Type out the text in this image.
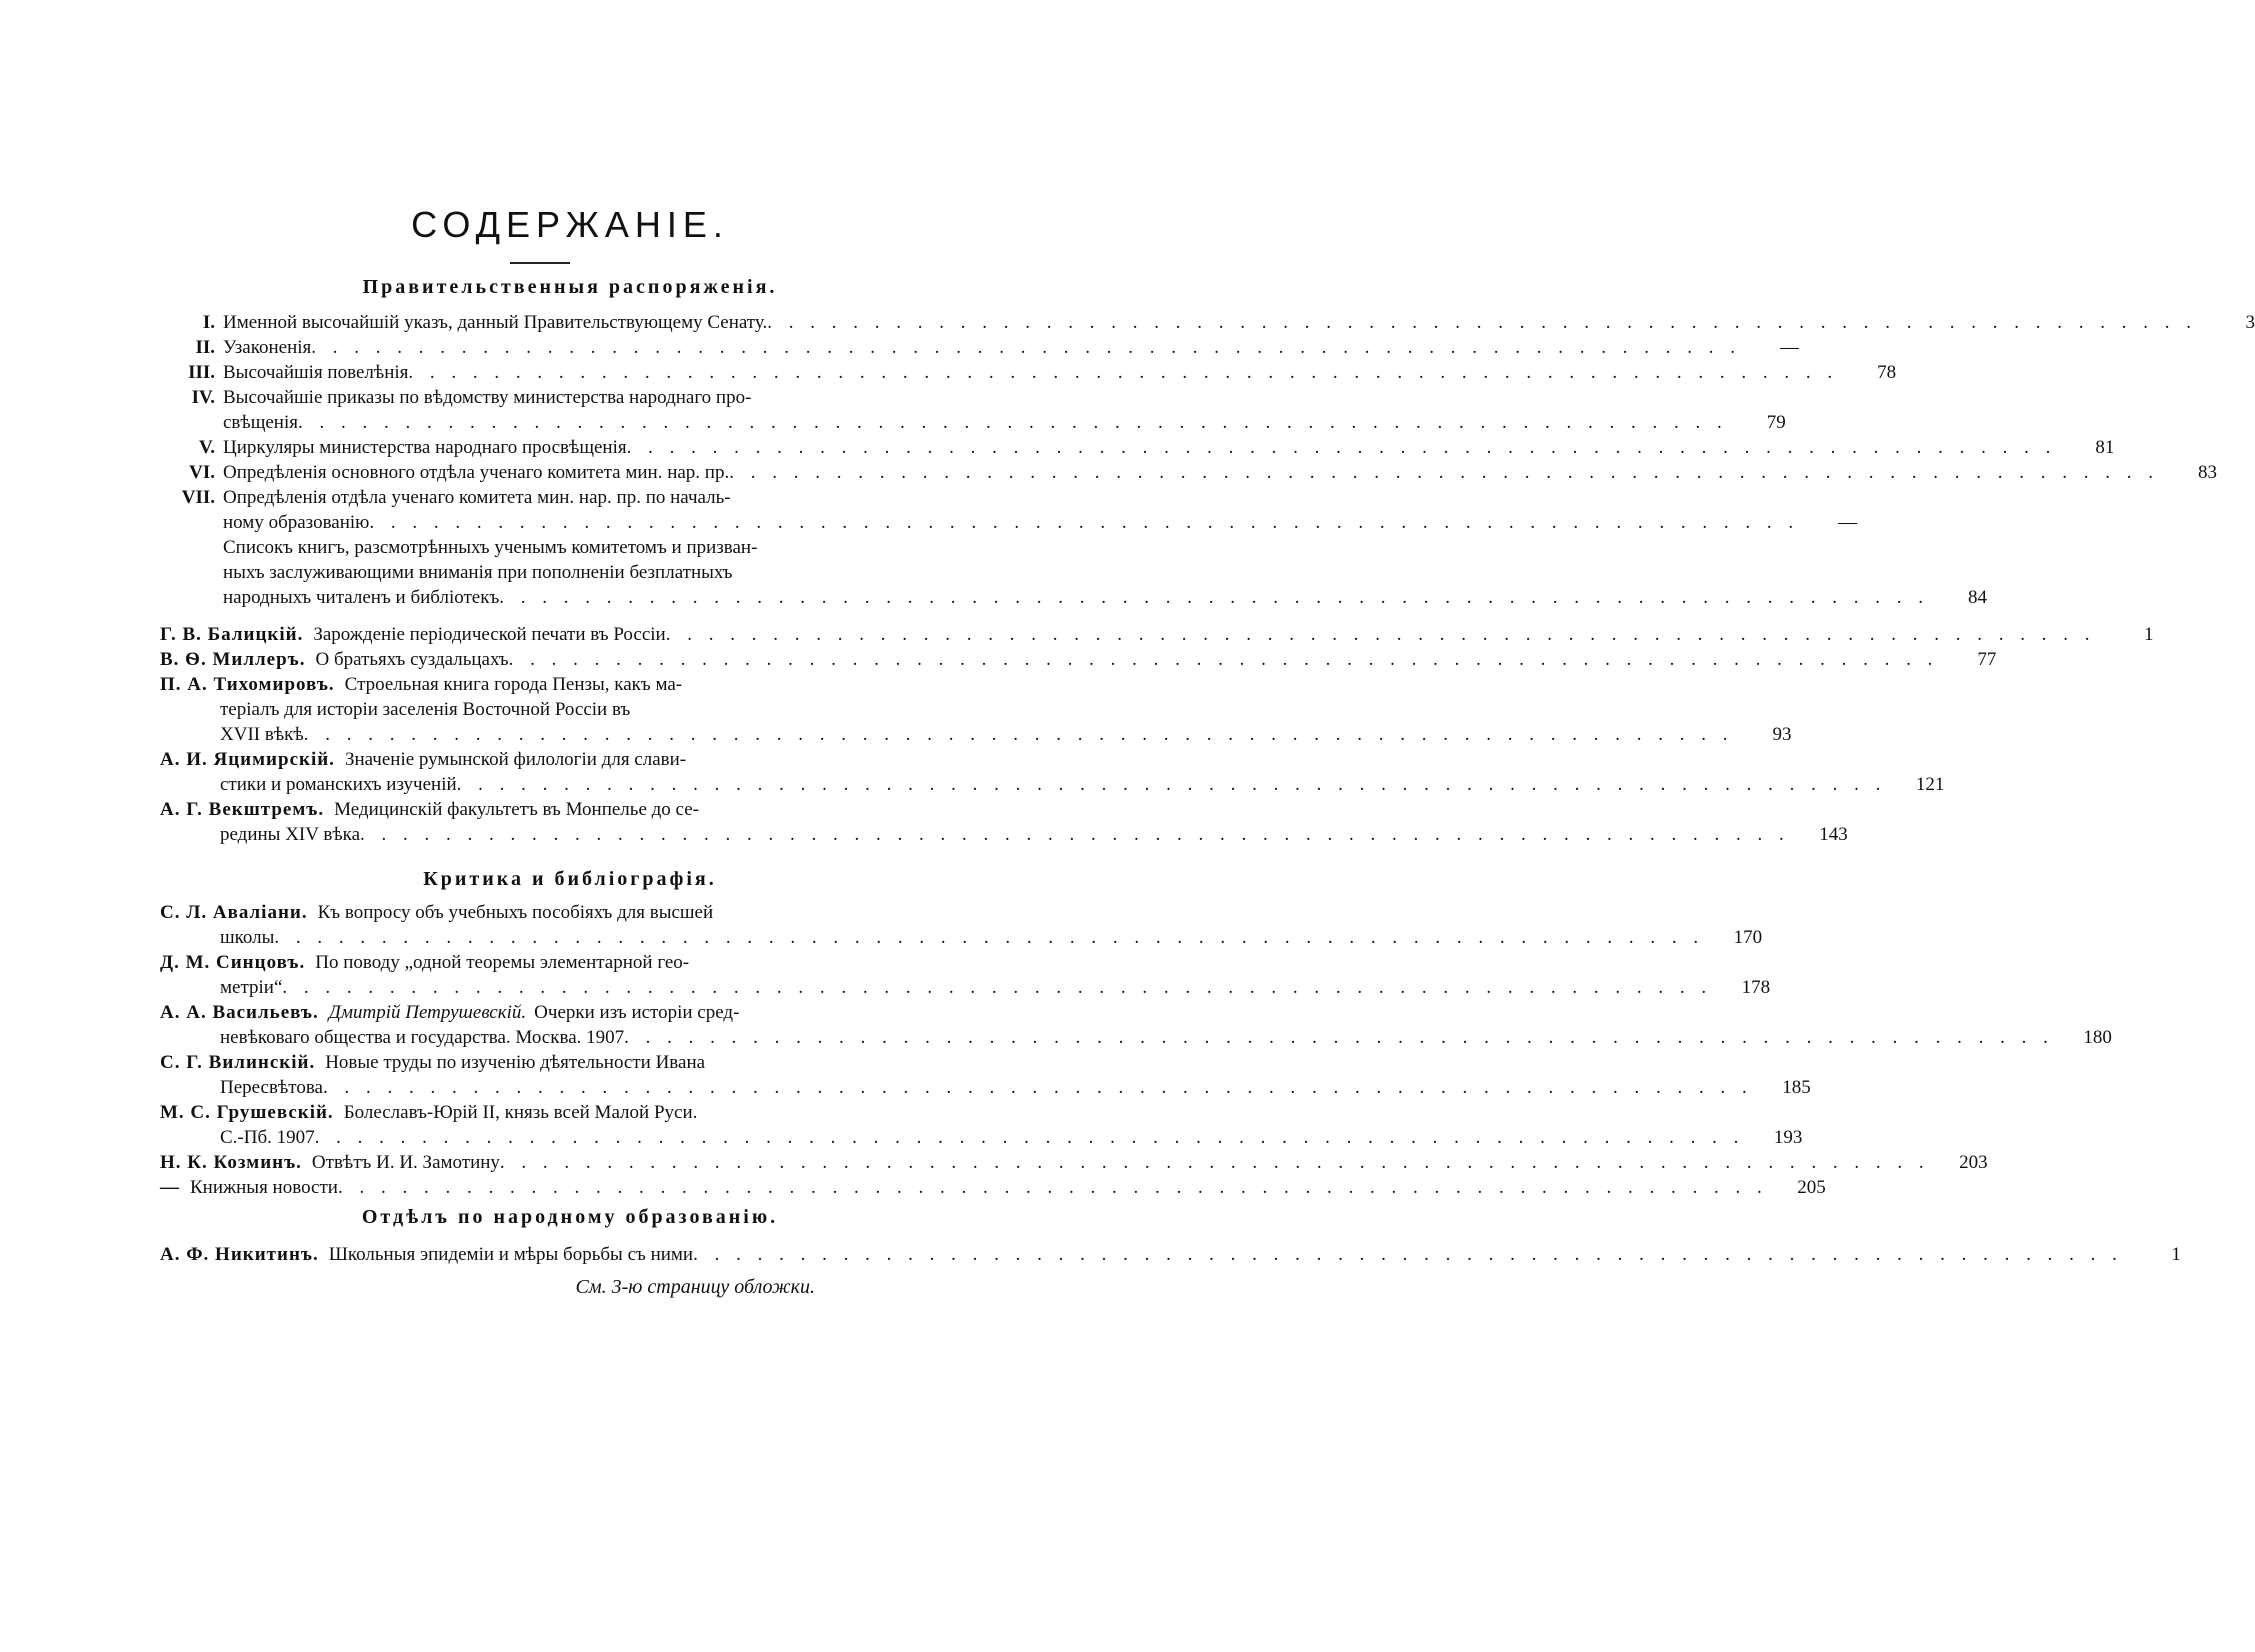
СОДЕРЖАНІЕ.
Правительственныя распоряженія.
I. Именной высочайшій указъ, данный Правительствующему Сенату. . . .	3
II. Узаконенія . . .	—
III. Высочайшія повелѣнія . . .	78
IV. Высочайшіе приказы по вѣдомству министерства народнаго про-
свѣщенія . . .	79
V. Циркуляры министерства народнаго просвѣщенія . . .	81
VI. Опредѣленія основного отдѣла ученаго комитета мин. нар. пр. . . .	83
VII. Опредѣленія отдѣла ученаго комитета мин. нар. пр. по началь-
ному образованію . . .	—
Списокъ книгъ, разсмотрѣнныхъ ученымъ комитетомъ и призван-
ныхъ заслуживающими вниманія при пополненіи безплатныхъ
народныхъ читаленъ и библіотекъ . . .	84
Г. В. Балицкій. Зарожденіе періодической печати въ Россіи . . .	1
В. Ѳ. Миллеръ. О братьяхъ суздальцахъ . . .	77
П. А. Тихомировъ. Строельная книга города Пензы, какъ ма-
теріалъ для исторіи заселенія Восточной Россіи въ
XVII вѣкѣ . . .	93
А. И. Яцимирскій. Значеніе румынской филологіи для слави-
стики и романскихъ изученій . . .	121
А. Г. Векштремъ. Медицинскій факультетъ въ Монпелье до се-
редины XIV вѣка . . .	143
Критика и библіографія.
С. Л. Авалiани. Къ вопросу объ учебныхъ пособіяхъ для высшей
школы . . .	170
Д. М. Синцовъ. По поводу „одной теоремы элементарной гео-
метріи“ . . .	178
А. А. Васильевъ. Дмитрій Петрушевскій. Очерки изъ исторіи сред-
невѣковаго общества и государства. Москва. 1907 . . .	180
С. Г. Вилинскій. Новые труды по изученію дѣятельности Ивана
Пересвѣтова . . .	185
М. С. Грушевскій. Болеславъ-Юрій II, князь всей Малой Руси.
С.-Пб. 1907 . . .	193
Н. К. Козминъ. Отвѣтъ И. И. Замотину . . .	203
— Книжныя новости . . .	205
Отдѣлъ по народному образованію.
А. Ф. Никитинъ. Школьныя эпидеміи и мѣры борьбы съ ними . . .	1
См. 3-ю страницу обложки.
